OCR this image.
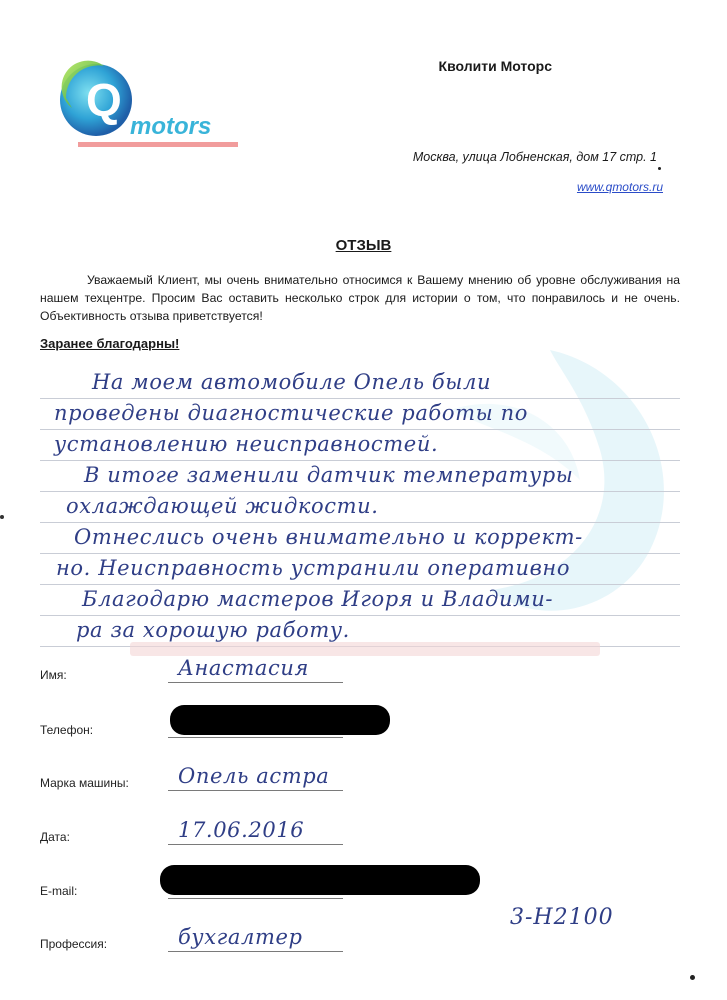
Q
motors
Кволити Моторс
Москва, улица Лобненская, дом 17 стр. 1
www.qmotors.ru
ОТЗЫВ

Уважаемый Клиент, мы очень внимательно относимся к Вашему мнению об уровне обслуживания на нашем техцентре. Просим Вас оставить несколько строк для истории о том, что понравилось и не очень. Объективность отзыва приветствуется!

Заранее благодарны!
На моем автомобиле Опель были
проведены диагностические работы по
установлению неисправностей.
В итоге заменили датчик температуры
охлаждающей жидкости.
Отнеслись очень внимательно и коррект-
но. Неисправность устранили оперативно
Благодарю мастеров Игоря и Владими-
ра за хорошую работу.
Имя:	Анастасия
Телефон:
Марка машины: Опель астра
Дата:	17.06.2016
E-mail:
Профессия:	бухгалтер
3-Н2100
